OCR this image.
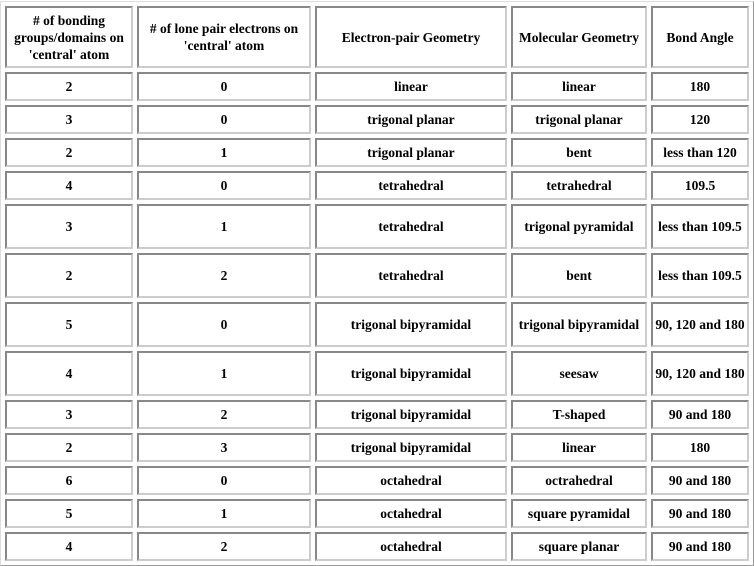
# of bonding groups/domains on 'central' atom	# of lone pair electrons on 'central' atom	Electron-pair Geometry	Molecular Geometry	Bond Angle
2	0	linear	linear	180
3	0	trigonal planar	trigonal planar	120
2	1	trigonal planar	bent	less than 120
4	0	tetrahedral	tetrahedral	109.5
3	1	tetrahedral	trigonal pyramidal	less than 109.5
2	2	tetrahedral	bent	less than 109.5
5	0	trigonal bipyramidal	trigonal bipyramidal	90, 120 and 180
4	1	trigonal bipyramidal	seesaw	90, 120 and 180
3	2	trigonal bipyramidal	T-shaped	90 and 180
2	3	trigonal bipyramidal	linear	180
6	0	octahedral	octrahedral	90 and 180
5	1	octahedral	square pyramidal	90 and 180
4	2	octahedral	square planar	90 and 180
